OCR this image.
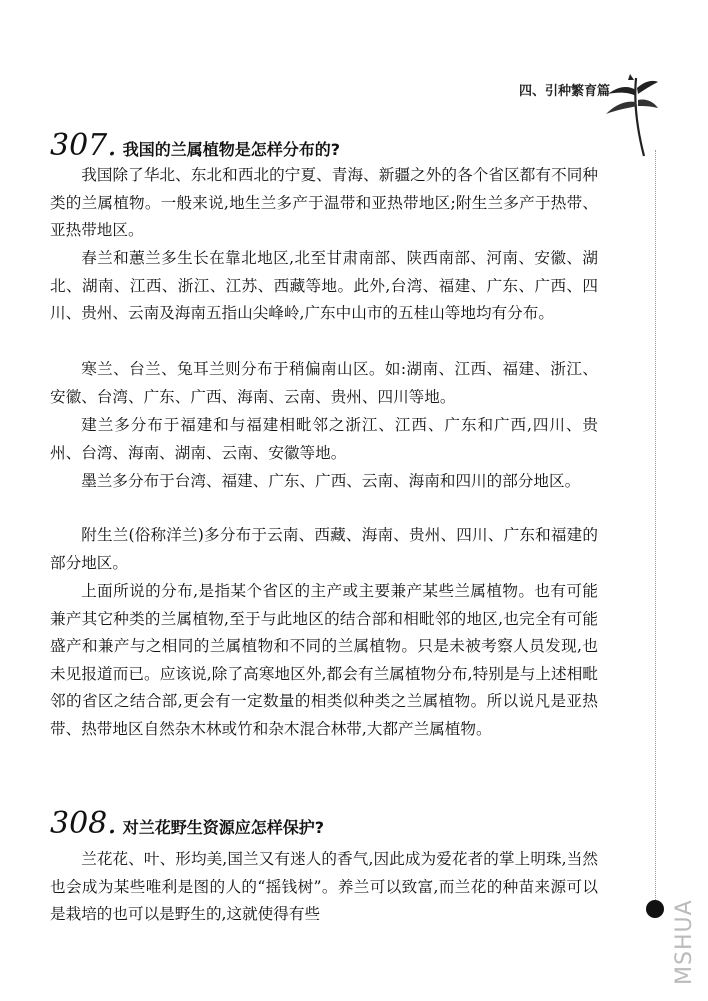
四、引种繁育篇
MSHUA
307. 我国的兰属植物是怎样分布的?

我国除了华北、东北和西北的宁夏、青海、新疆之外的各个省区都有不同种类的兰属植物。一般来说,地生兰多产于温带和亚热带地区;附生兰多产于热带、亚热带地区。

春兰和蕙兰多生长在靠北地区,北至甘肃南部、陕西南部、河南、安徽、湖北、湖南、江西、浙江、江苏、西藏等地。此外,台湾、福建、广东、广西、四川、贵州、云南及海南五指山尖峰岭,广东中山市的五桂山等地均有分布。

寒兰、台兰、兔耳兰则分布于稍偏南山区。如:湖南、江西、福建、浙江、安徽、台湾、广东、广西、海南、云南、贵州、四川等地。

建兰多分布于福建和与福建相毗邻之浙江、江西、广东和广西,四川、贵州、台湾、海南、湖南、云南、安徽等地。

墨兰多分布于台湾、福建、广东、广西、云南、海南和四川的部分地区。

附生兰(俗称洋兰)多分布于云南、西藏、海南、贵州、四川、广东和福建的部分地区。

上面所说的分布,是指某个省区的主产或主要兼产某些兰属植物。也有可能兼产其它种类的兰属植物,至于与此地区的结合部和相毗邻的地区,也完全有可能盛产和兼产与之相同的兰属植物和不同的兰属植物。只是未被考察人员发现,也未见报道而已。应该说,除了高寒地区外,都会有兰属植物分布,特别是与上述相毗邻的省区之结合部,更会有一定数量的相类似种类之兰属植物。所以说凡是亚热带、热带地区自然杂木林或竹和杂木混合林带,大都产兰属植物。

308. 对兰花野生资源应怎样保护?

兰花花、叶、形均美,国兰又有迷人的香气,因此成为爱花者的掌上明珠,当然也会成为某些唯利是图的人的“摇钱树”。养兰可以致富,而兰花的种苗来源可以是栽培的也可以是野生的,这就使得有些
